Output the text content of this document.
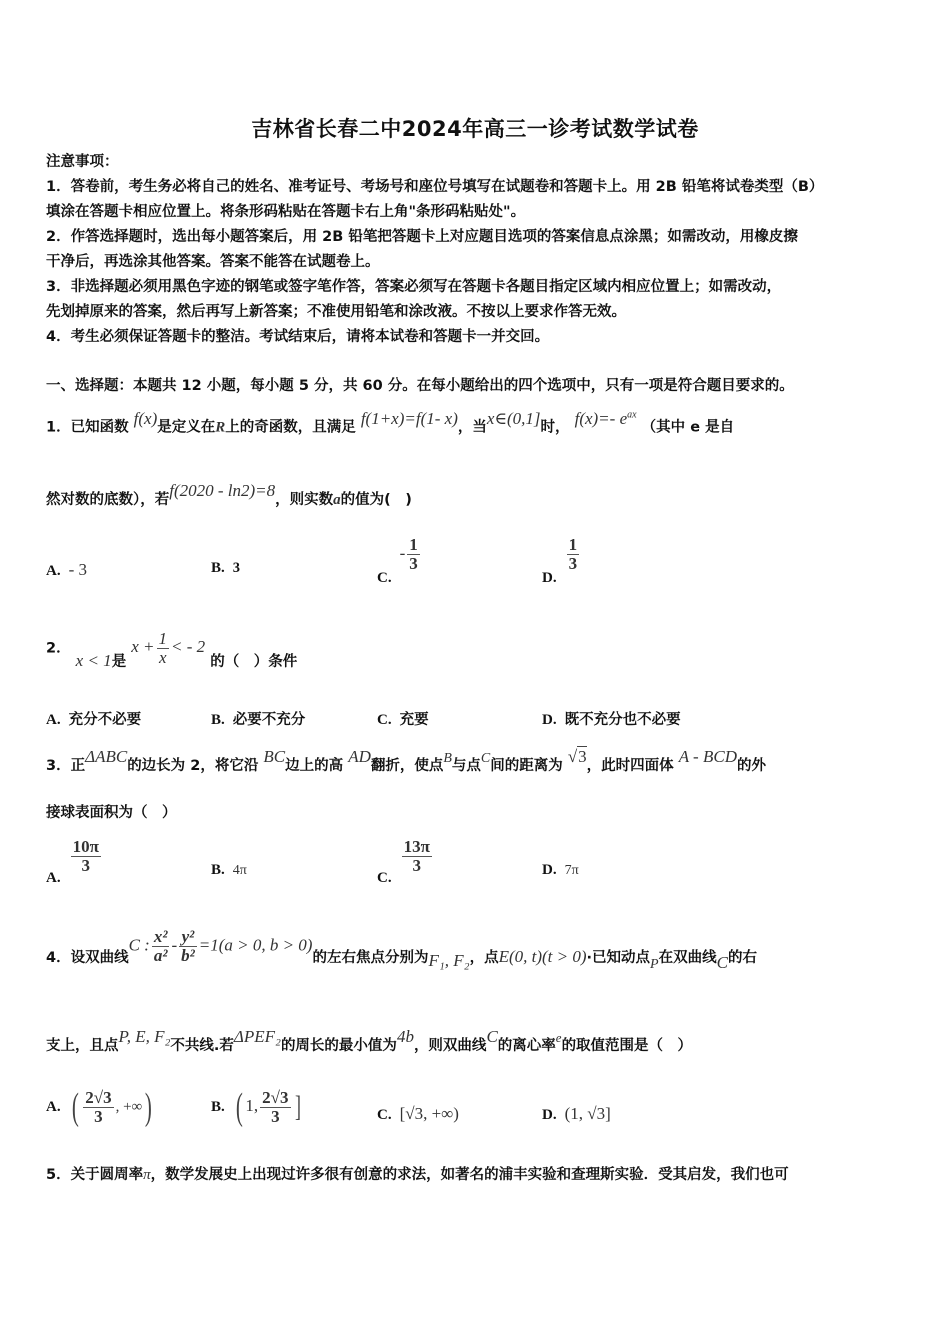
吉林省长春二中2024年高三一诊考试数学试卷
注意事项：
1．答卷前，考生务必将自己的姓名、准考证号、考场号和座位号填写在试题卷和答题卡上。用 2B 铅笔将试卷类型（B）
填涂在答题卡相应位置上。将条形码粘贴在答题卡右上角"条形码粘贴处"。
2．作答选择题时，选出每小题答案后，用 2B 铅笔把答题卡上对应题目选项的答案信息点涂黑；如需改动，用橡皮擦
干净后，再选涂其他答案。答案不能答在试题卷上。
3．非选择题必须用黑色字迹的钢笔或签字笔作答，答案必须写在答题卡各题目指定区域内相应位置上；如需改动，
先划掉原来的答案，然后再写上新答案；不准使用铅笔和涂改液。不按以上要求作答无效。
4．考生必须保证答题卡的整洁。考试结束后，请将本试卷和答题卡一并交回。
一、选择题：本题共 12 小题，每小题 5 分，共 60 分。在每小题给出的四个选项中，只有一项是符合题目要求的。
1．已知函数 f(x)是定义在R上的奇函数，且满足 f(1+x)=f(1- x)，当x∈(0,1]时， f(x)=- $e^{ax}$ （其中 e 是自
然对数的底数），若f(2020 - ln2)=8，则实数a的值为(　)
A. - 3	B. 3
$C.- \frac{1}{3}$
D.
$\frac{1}{3}$
2． x < 1是 $x + \frac{1}{x}$ < - 2 的（　）条件
A. 充分不必要	B. 必要不充分	C. 充要	D. 既不充分也不必要
3．正ΔABC的边长为 2，将它沿 BC边上的高 AD翻折，使点B与点C间的距离为 √3，此时四面体 A - BCD的外
接球表面积为（　）
A.
$\frac{10\pi}{3}$	B. 4π	C.
$\frac{13\pi}{3}$	D. 7π
4．设双曲线C : $\frac{\text{x²}}{\text{a²}} - \frac{\text{y²}}{\text{b²}} =1(a > 0$, b > 0)的左右焦点分别为F₁, F₂，点E(0, t)(t > 0)·已知动点P在双曲线C的右
支上，且点P, E, F₂不共线.若ΔPEF₂的周长的最小值为4b，则双曲线C的离心率e的取值范围是（　）
A. ( $\frac{2√3}{3}$ , +∞)	B. ( 1, $\frac{2√3}{3}$ ]	C. [√3, +∞)	D. (1, √3]
5．关于圆周率π，数学发展史上出现过许多很有创意的求法，如著名的浦丰实验和查理斯实验．受其启发，我们也可
